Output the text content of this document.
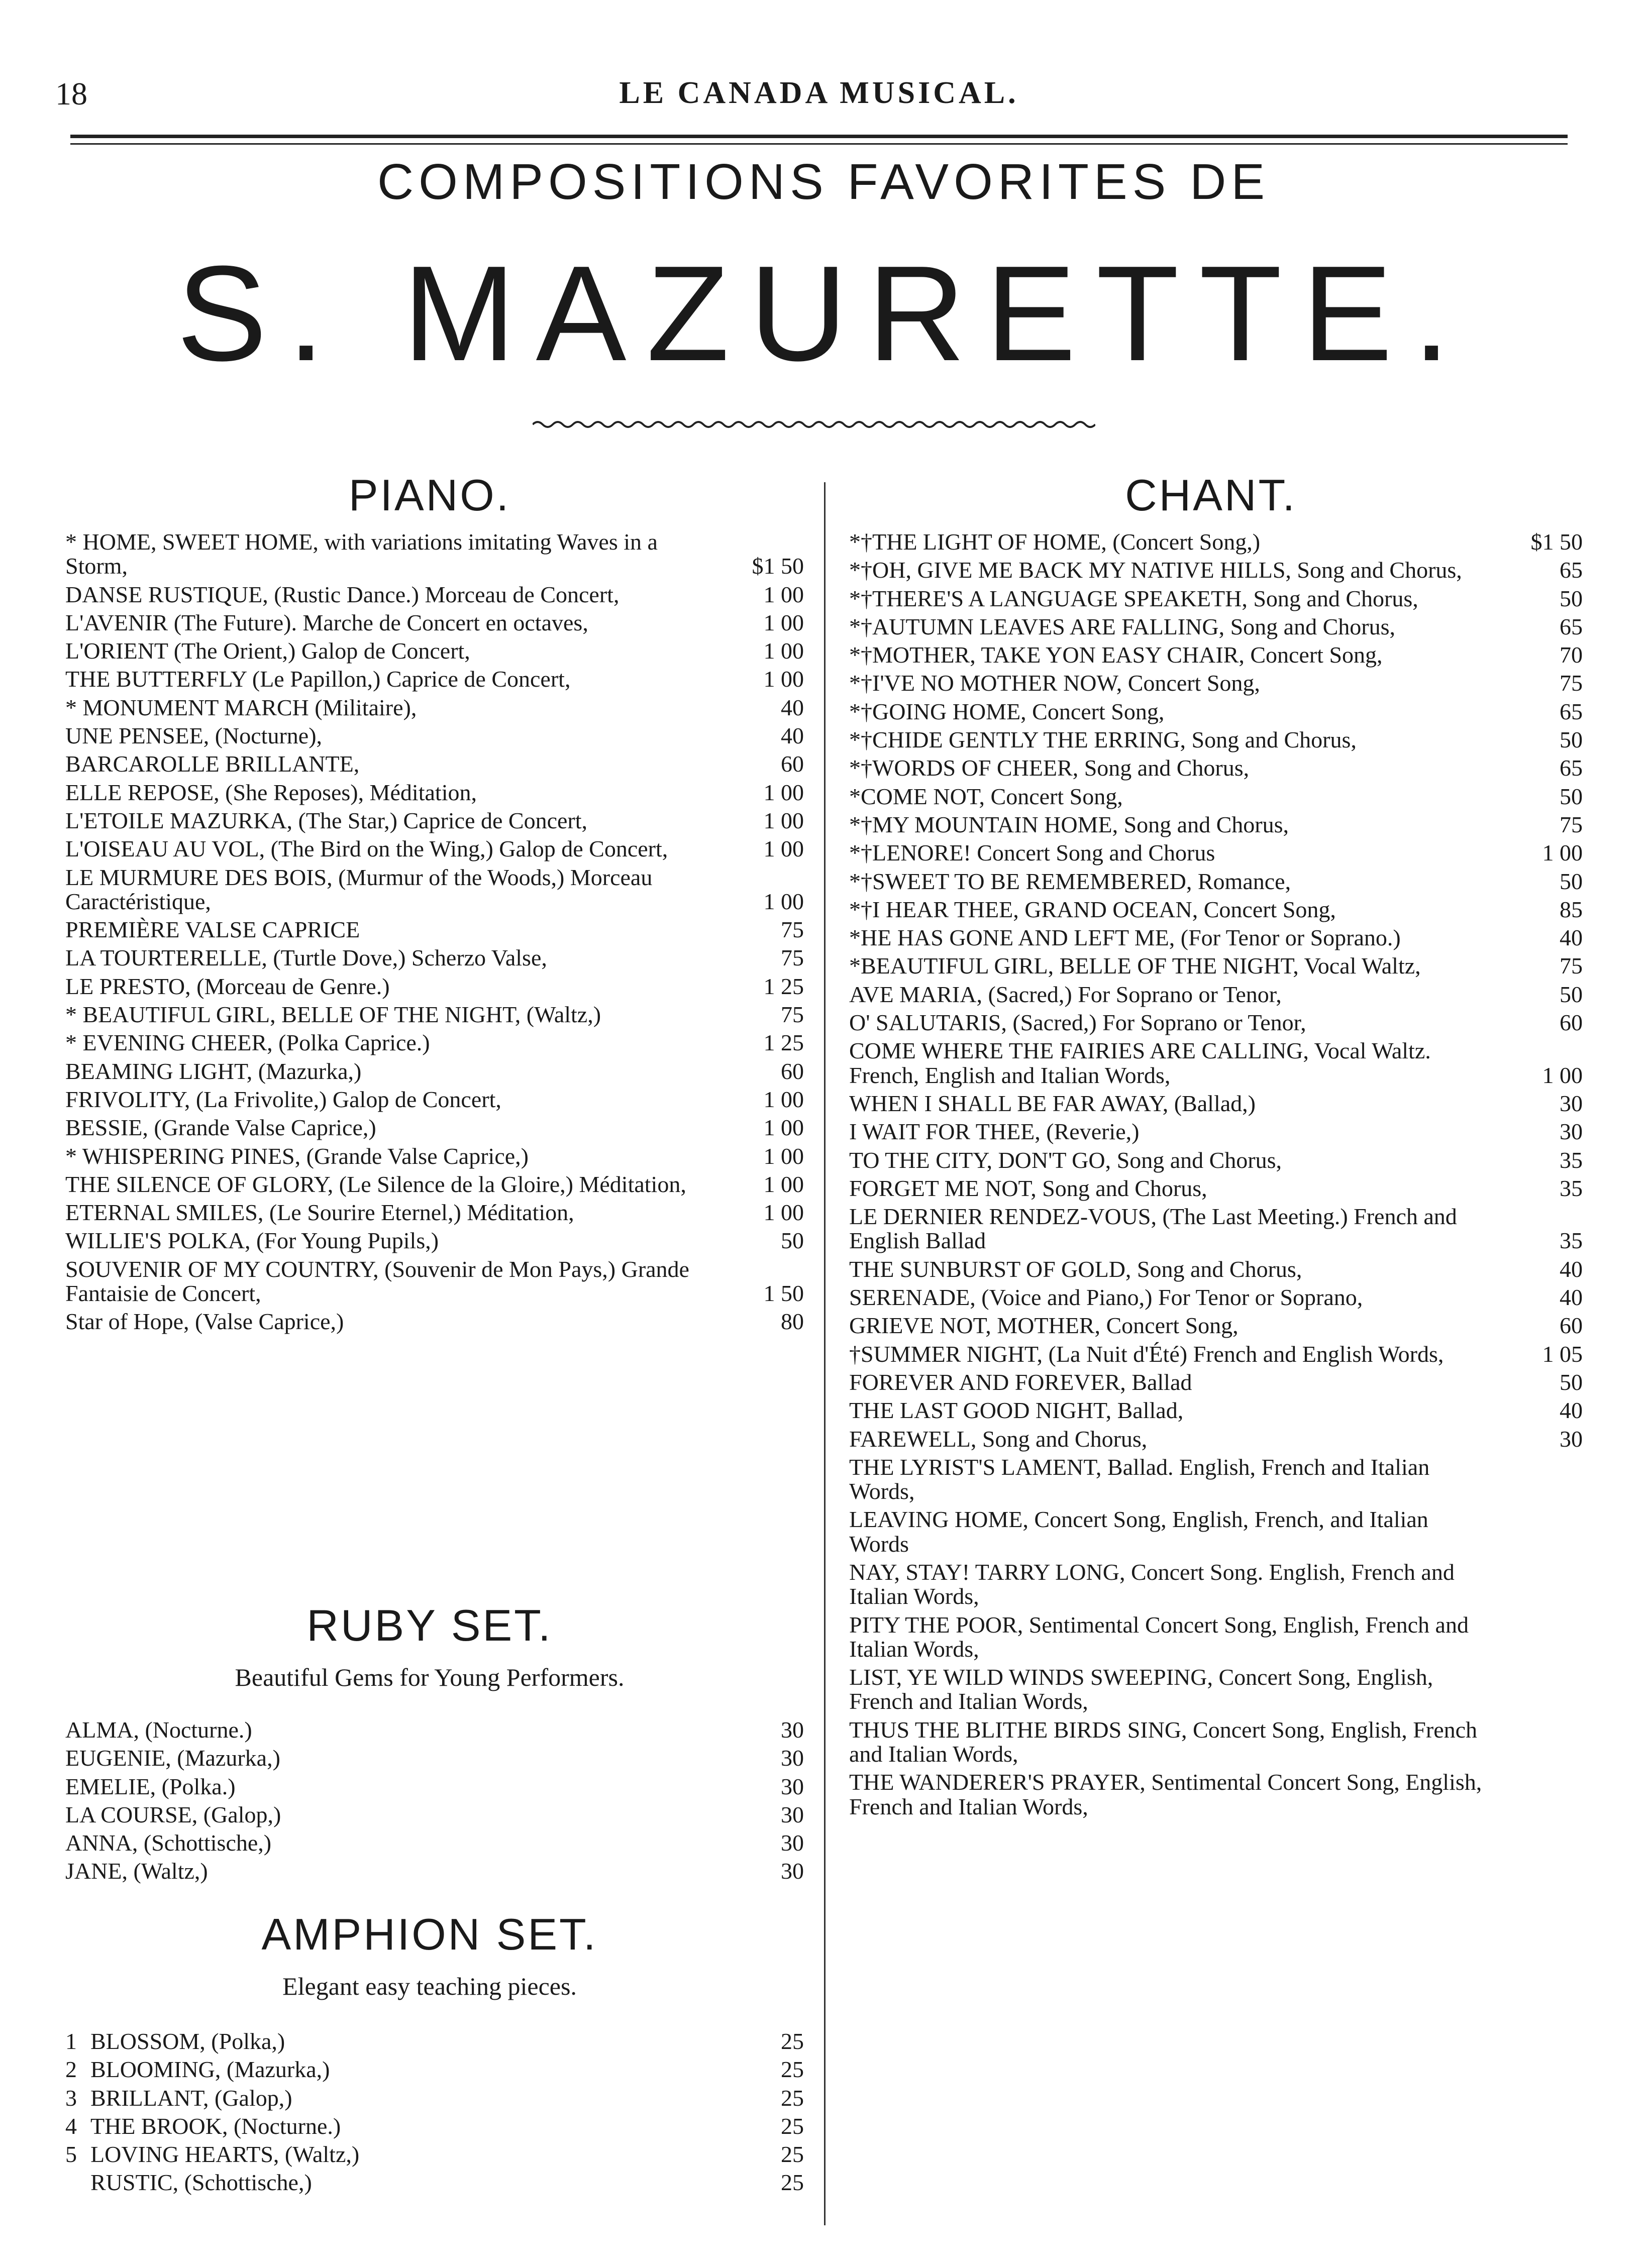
18	LE CANADA MUSICAL.
COMPOSITIONS FAVORITES DE
S. MAZURETTE.
PIANO.
* HOME, SWEET HOME, with variations imitating Waves in a Storm,	$1 50
DANSE RUSTIQUE, (Rustic Dance.) Morceau de Concert,	1 00
L'AVENIR (The Future). Marche de Concert en octaves,	1 00
L'ORIENT (The Orient,) Galop de Concert,	1 00
THE BUTTERFLY (Le Papillon,) Caprice de Concert,	1 00
* MONUMENT MARCH (Militaire),	40
UNE PENSEE, (Nocturne),	40
BARCAROLLE BRILLANTE,	60
ELLE REPOSE, (She Reposes), Méditation,	1 00
L'ETOILE MAZURKA, (The Star,) Caprice de Concert,	1 00
L'OISEAU AU VOL, (The Bird on the Wing,) Galop de Concert,	1 00
LE MURMURE DES BOIS, (Murmur of the Woods,) Morceau Caractéristique,	1 00
PREMIÈRE VALSE CAPRICE	75
LA TOURTERELLE, (Turtle Dove,) Scherzo Valse,	75
LE PRESTO, (Morceau de Genre.)	1 25
* BEAUTIFUL GIRL, BELLE OF THE NIGHT, (Waltz,)	75
* EVENING CHEER, (Polka Caprice.)	1 25
BEAMING LIGHT, (Mazurka,)	60
FRIVOLITY, (La Frivolite,) Galop de Concert,	1 00
BESSIE, (Grande Valse Caprice,)	1 00
* WHISPERING PINES, (Grande Valse Caprice,)	1 00
THE SILENCE OF GLORY, (Le Silence de la Gloire,) Méditation,	1 00
ETERNAL SMILES, (Le Sourire Eternel,) Méditation,	1 00
WILLIE'S POLKA, (For Young Pupils,)	50
SOUVENIR OF MY COUNTRY, (Souvenir de Mon Pays,) Grande Fantaisie de Concert,	1 50
Star of Hope, (Valse Caprice,)	80
RUBY SET.
Beautiful Gems for Young Performers.
ALMA, (Nocturne.)	30
EUGENIE, (Mazurka,)	30
EMELIE, (Polka.)	30
LA COURSE, (Galop,)	30
ANNA, (Schottische,)	30
JANE, (Waltz,)	30
AMPHION SET.
Elegant easy teaching pieces.
1 BLOSSOM, (Polka,)	25
2 BLOOMING, (Mazurka,)	25
3 BRILLANT, (Galop,)	25
4 THE BROOK, (Nocturne.)	25
5 LOVING HEARTS, (Waltz,)	25
RUSTIC, (Schottische,)	25
CHANT.
*†THE LIGHT OF HOME, (Concert Song,)	$1 50
*†OH, GIVE ME BACK MY NATIVE HILLS, Song and Chorus,	65
*†THERE'S A LANGUAGE SPEAKETH, Song and Chorus,	50
*†AUTUMN LEAVES ARE FALLING, Song and Chorus,	65
*†MOTHER, TAKE YON EASY CHAIR, Concert Song,	70
*†I'VE NO MOTHER NOW, Concert Song,	75
*†GOING HOME, Concert Song,	65
*†CHIDE GENTLY THE ERRING, Song and Chorus,	50
*†WORDS OF CHEER, Song and Chorus,	65
*COME NOT, Concert Song,	50
*†MY MOUNTAIN HOME, Song and Chorus,	75
*†LENORE! Concert Song and Chorus	1 00
*†SWEET TO BE REMEMBERED, Romance,	50
*†I HEAR THEE, GRAND OCEAN, Concert Song,	85
*HE HAS GONE AND LEFT ME, (For Tenor or Soprano.)	40
*BEAUTIFUL GIRL, BELLE OF THE NIGHT, Vocal Waltz,	75
AVE MARIA, (Sacred,) For Soprano or Tenor,	50
O' SALUTARIS, (Sacred,) For Soprano or Tenor,	60
COME WHERE THE FAIRIES ARE CALLING, Vocal Waltz. French, English and Italian Words,	1 00
WHEN I SHALL BE FAR AWAY, (Ballad,)	30
I WAIT FOR THEE, (Reverie,)	30
TO THE CITY, DON'T GO, Song and Chorus,	35
FORGET ME NOT, Song and Chorus,	35
LE DERNIER RENDEZ-VOUS, (The Last Meeting.) French and English Ballad	35
THE SUNBURST OF GOLD, Song and Chorus,	40
SERENADE, (Voice and Piano,) For Tenor or Soprano,	40
GRIEVE NOT, MOTHER, Concert Song,	60
†SUMMER NIGHT, (La Nuit d'Été) French and English Words,	1 05
FOREVER AND FOREVER, Ballad	50
THE LAST GOOD NIGHT, Ballad,	40
FAREWELL, Song and Chorus,	30
THE LYRIST'S LAMENT, Ballad. English, French and Italian Words,
LEAVING HOME, Concert Song, English, French, and Italian Words
NAY, STAY! TARRY LONG, Concert Song. English, French and Italian Words,
PITY THE POOR, Sentimental Concert Song, English, French and Italian Words,
LIST, YE WILD WINDS SWEEPING, Concert Song, English, French and Italian Words,
THUS THE BLITHE BIRDS SING, Concert Song, English, French and Italian Words,
THE WANDERER'S PRAYER, Sentimental Concert Song, English, French and Italian Words,
